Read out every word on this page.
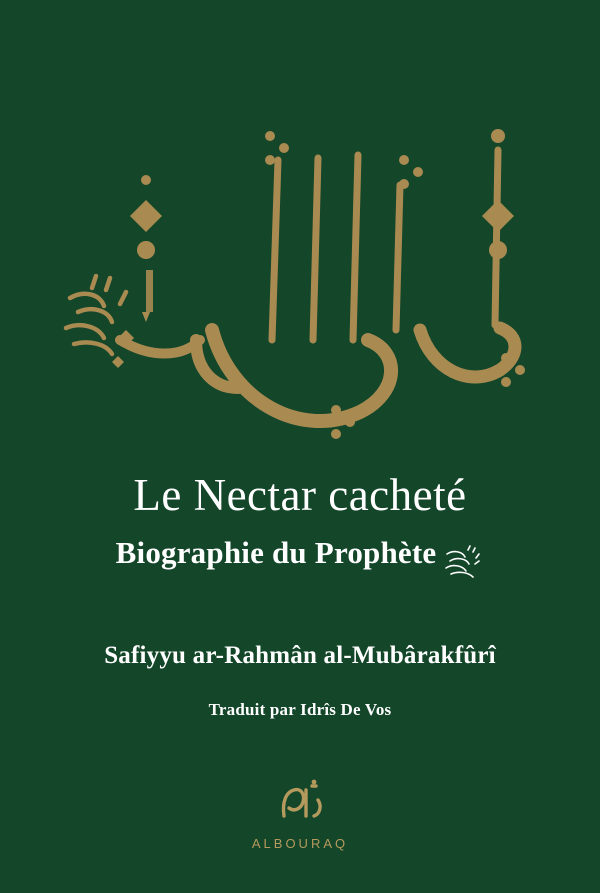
Le Nectar cacheté
Biographie du Prophète
Safiyyu ar-Rahmân al-Mubârakfûrî
Traduit par Idrîs De Vos
ALBOURAQ
